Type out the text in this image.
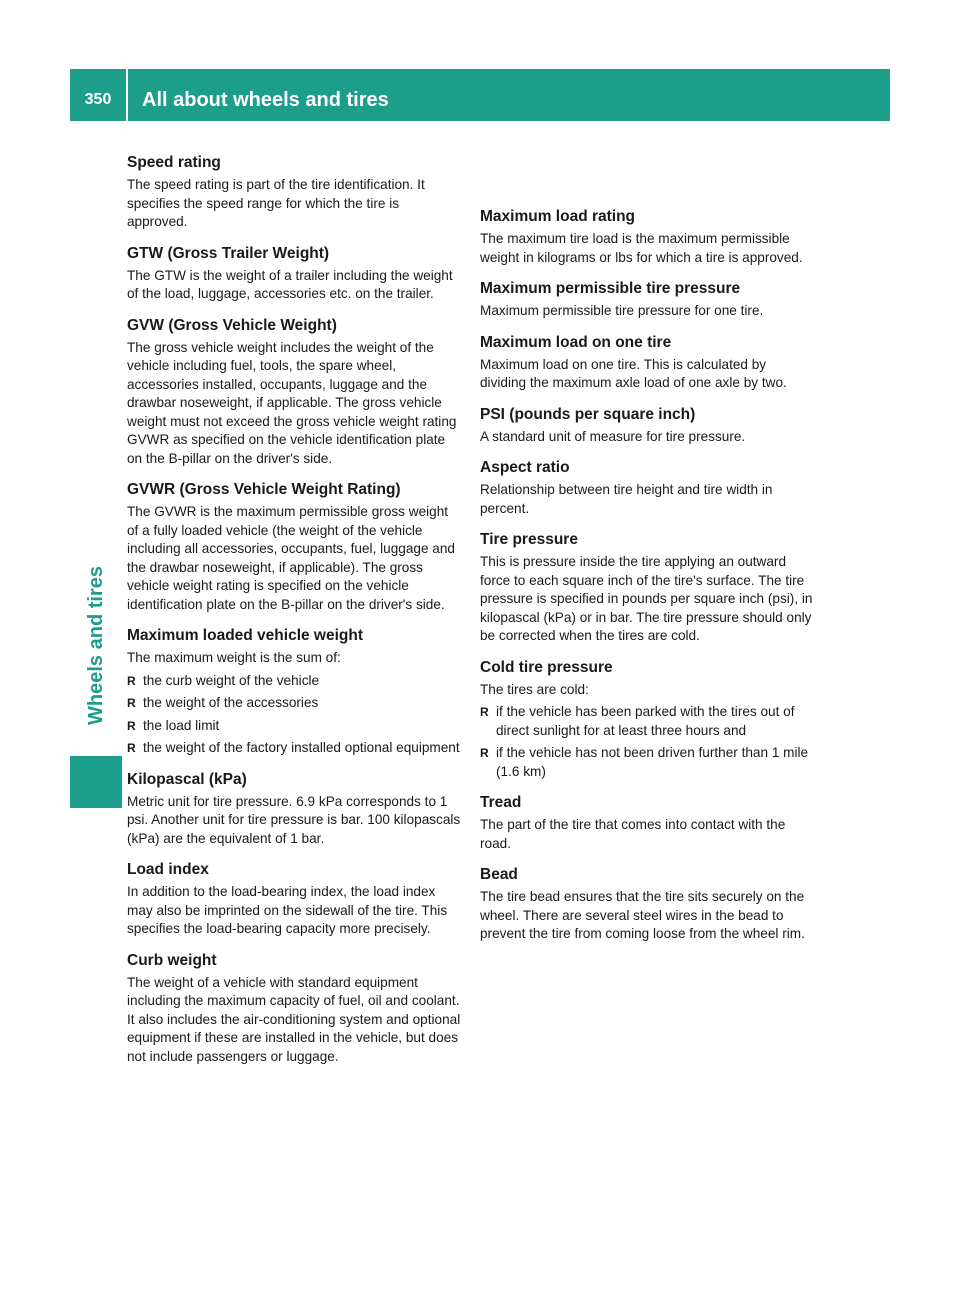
350	All about wheels and tires
Wheels and tires
Speed rating

The speed rating is part of the tire identification. It specifies the speed range for which the tire is approved.

GTW (Gross Trailer Weight)

The GTW is the weight of a trailer including the weight of the load, luggage, accessories etc. on the trailer.

GVW (Gross Vehicle Weight)

The gross vehicle weight includes the weight of the vehicle including fuel, tools, the spare wheel, accessories installed, occupants, luggage and the drawbar noseweight, if applicable. The gross vehicle weight must not exceed the gross vehicle weight rating GVWR as specified on the vehicle identification plate on the B-pillar on the driver's side.

GVWR (Gross Vehicle Weight Rating)

The GVWR is the maximum permissible gross weight of a fully loaded vehicle (the weight of the vehicle including all accessories, occupants, fuel, luggage and the drawbar noseweight, if applicable). The gross vehicle weight rating is specified on the vehicle identification plate on the B-pillar on the driver's side.

Maximum loaded vehicle weight

The maximum weight is the sum of:

R the curb weight of the vehicle
R the weight of the accessories
R the load limit
R the weight of the factory installed optional equipment
Kilopascal (kPa)

Metric unit for tire pressure. 6.9 kPa corresponds to 1 psi. Another unit for tire pressure is bar. 100 kilopascals (kPa) are the equivalent of 1 bar.

Load index

In addition to the load-bearing index, the load index may also be imprinted on the sidewall of the tire. This specifies the load-bearing capacity more precisely.

Curb weight

The weight of a vehicle with standard equipment including the maximum capacity of fuel, oil and coolant. It also includes the air-conditioning system and optional equipment if these are installed in the vehicle, but does not include passengers or luggage.

Maximum load rating

The maximum tire load is the maximum permissible weight in kilograms or lbs for which a tire is approved.

Maximum permissible tire pressure

Maximum permissible tire pressure for one tire.

Maximum load on one tire

Maximum load on one tire. This is calculated by dividing the maximum axle load of one axle by two.

PSI (pounds per square inch)

A standard unit of measure for tire pressure.

Aspect ratio

Relationship between tire height and tire width in percent.

Tire pressure

This is pressure inside the tire applying an outward force to each square inch of the tire's surface. The tire pressure is specified in pounds per square inch (psi), in kilopascal (kPa) or in bar. The tire pressure should only be corrected when the tires are cold.

Cold tire pressure

The tires are cold:

R if the vehicle has been parked with the tires out of direct sunlight for at least three hours and
R if the vehicle has not been driven further than 1 mile (1.6 km)
Tread

The part of the tire that comes into contact with the road.

Bead

The tire bead ensures that the tire sits securely on the wheel. There are several steel wires in the bead to prevent the tire from coming loose from the wheel rim.
